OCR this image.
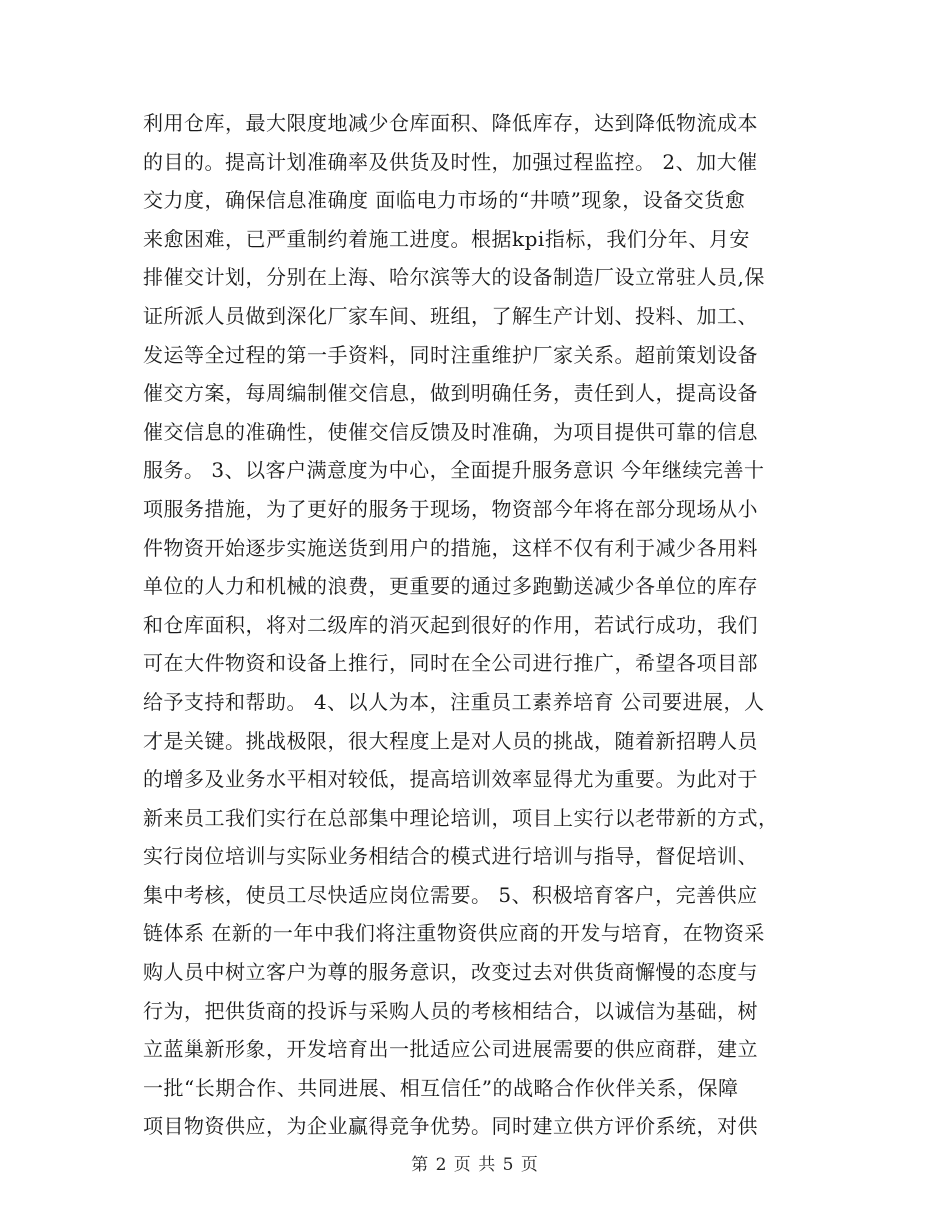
利用仓库，最大限度地减少仓库面积、降低库存，达到降低物流成本
的目的。提高计划准确率及供货及时性，加强过程监控。 2、加大催
交力度，确保信息准确度 面临电力市场的“井喷”现象，设备交货愈
来愈困难，已严重制约着施工进度。根据kpi指标，我们分年、月安
排催交计划，分别在上海、哈尔滨等大的设备制造厂设立常驻人员,保
证所派人员做到深化厂家车间、班组，了解生产计划、投料、加工、
发运等全过程的第一手资料，同时注重维护厂家关系。超前策划设备
催交方案，每周编制催交信息，做到明确任务，责任到人，提高设备
催交信息的准确性，使催交信反馈及时准确，为项目提供可靠的信息
服务。 3、以客户满意度为中心，全面提升服务意识 今年继续完善十
项服务措施，为了更好的服务于现场，物资部今年将在部分现场从小
件物资开始逐步实施送货到用户的措施，这样不仅有利于减少各用料
单位的人力和机械的浪费，更重要的通过多跑勤送减少各单位的库存
和仓库面积，将对二级库的消灭起到很好的作用，若试行成功，我们
可在大件物资和设备上推行，同时在全公司进行推广，希望各项目部
给予支持和帮助。 4、以人为本，注重员工素养培育 公司要进展，人
才是关键。挑战极限，很大程度上是对人员的挑战，随着新招聘人员
的增多及业务水平相对较低，提高培训效率显得尤为重要。为此对于
新来员工我们实行在总部集中理论培训，项目上实行以老带新的方式，
实行岗位培训与实际业务相结合的模式进行培训与指导，督促培训、
集中考核，使员工尽快适应岗位需要。 5、积极培育客户，完善供应
链体系 在新的一年中我们将注重物资供应商的开发与培育，在物资采
购人员中树立客户为尊的服务意识，改变过去对供货商懈慢的态度与
行为，把供货商的投诉与采购人员的考核相结合，以诚信为基础，树
立蓝巢新形象，开发培育出一批适应公司进展需要的供应商群，建立
一批“长期合作、共同进展、相互信任”的战略合作伙伴关系，保障
项目物资供应，为企业赢得竞争优势。同时建立供方评价系统，对供
第 2 页 共 5 页
